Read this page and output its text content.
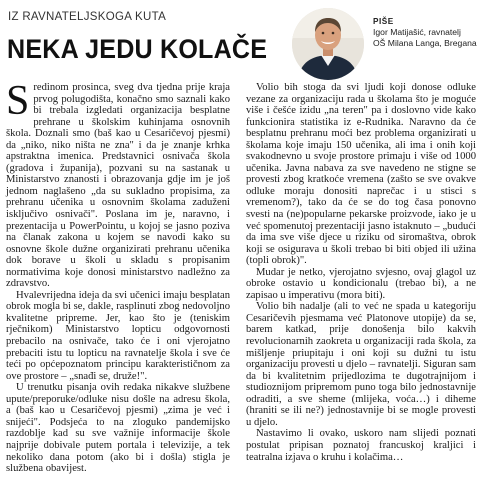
IZ RAVNATELJSKOGA KUTA
NEKA JEDU KOLAČE
PIŠE
Igor Matijašić, ravnatelj
OŠ Milana Langa, Bregana

Sredinom prosinca, sveg dva tjedna prije kraja prvog polugodišta, konačno smo saznali kako bi trebala izgledati organizacija besplatne prehrane u školskim kuhinjama osnovnih škola. Doznali smo (baš kao u Cesaričevoj pjesmi) da „niko, niko ništa ne zna" i da je znanje krhka apstraktna imenica. Predstavnici osnivača škola (gradova i županija), pozvani su na sastanak u Ministarstvo znanosti i obrazovanja gdje im je još jednom naglašeno „da su sukladno propisima, za prehranu učenika u osnovnim školama zaduženi isključivo osnivači". Poslana im je, naravno, i prezentacija u PowerPointu, u kojoj se jasno poziva na članak zakona u kojem se navodi kako su osnovne škole dužne organizirati prehranu učenika dok borave u školi u skladu s propisanim normativima koje donosi ministarstvo nadležno za zdravstvo.

Hvalevrijedna ideja da svi učenici imaju besplatan obrok mogla bi se, dakle, rasplinuti zbog nedovoljno kvalitetne pripreme. Jer, kao što je (teniskim rječnikom) Ministarstvo lopticu odgovornosti prebacilo na osnivače, tako će i oni vjerojatno prebaciti istu tu lopticu na ravnatelje škola i sve će teći po općepoznatom principu karakterističnom za ove prostore – „snađi se, druže!".

U trenutku pisanja ovih redaka nikakve službene upute/preporuke/odluke nisu došle na adresu škola, a (baš kao u Cesaričevoj pjesmi) „zima je već i snijeći". Podsjeća to na zloguko pandemijsko razdoblje kad su sve važnije informacije škole najprije dobivale putem portala i televizije, a tek nekoliko dana potom (ako bi i došla) stigla je službena obavijest.

Volio bih stoga da svi ljudi koji donose odluke vezane za organizaciju rada u školama što je moguće više i češće izidu „na teren" pa i doslovno vide kako funkcionira statistika iz e-Rudnika. Naravno da će besplatnu prehranu moći bez problema organizirati u školama koje imaju 150 učenika, ali ima i onih koji svakodnevno u svoje prostore primaju i više od 1000 učenika. Javna nabava za sve navedeno ne stigne se provesti zbog kratkoće vremena (zašto se sve ovakve odluke moraju donositi naprečac i u stisci s vremenom?), tako da će se do tog časa ponovno svesti na (ne)popularne pekarske proizvode, iako je u već spomenutoj prezentaciji jasno istaknuto – „budući da ima sve više djece u riziku od siromaštva, obrok koji se osigurava u školi trebao bi biti objed ili užina (topli obrok)".

Mudar je netko, vjerojatno svjesno, ovaj glagol uz obroke ostavio u kondicionalu (trebao bi), a ne zapisao u imperativu (mora biti).

Volio bih nadalje (ali to već ne spada u kategoriju Cesaričevih pjesmama već Platonove utopije) da se, barem katkad, prije donošenja bilo kakvih revolucionarnih zaokreta u organizaciji rada škola, za mišljenje priupitaju i oni koji su dužni tu istu organizaciju provesti u djelo – ravnatelji. Siguran sam da bi kvalitetnim prijedlozima te dugotrajnijom i studioznijom pripremom puno toga bilo jednostavnije odraditi, a sve sheme (mlijeka, voća…) i diheme (hraniti se ili ne?) jednostavnije bi se mogle provesti u djelo.

Nastavimo li ovako, uskoro nam slijedi poznati postulat pripisan poznatoj francuskoj kraljici i teatralna izjava o kruhu i kolačima…
